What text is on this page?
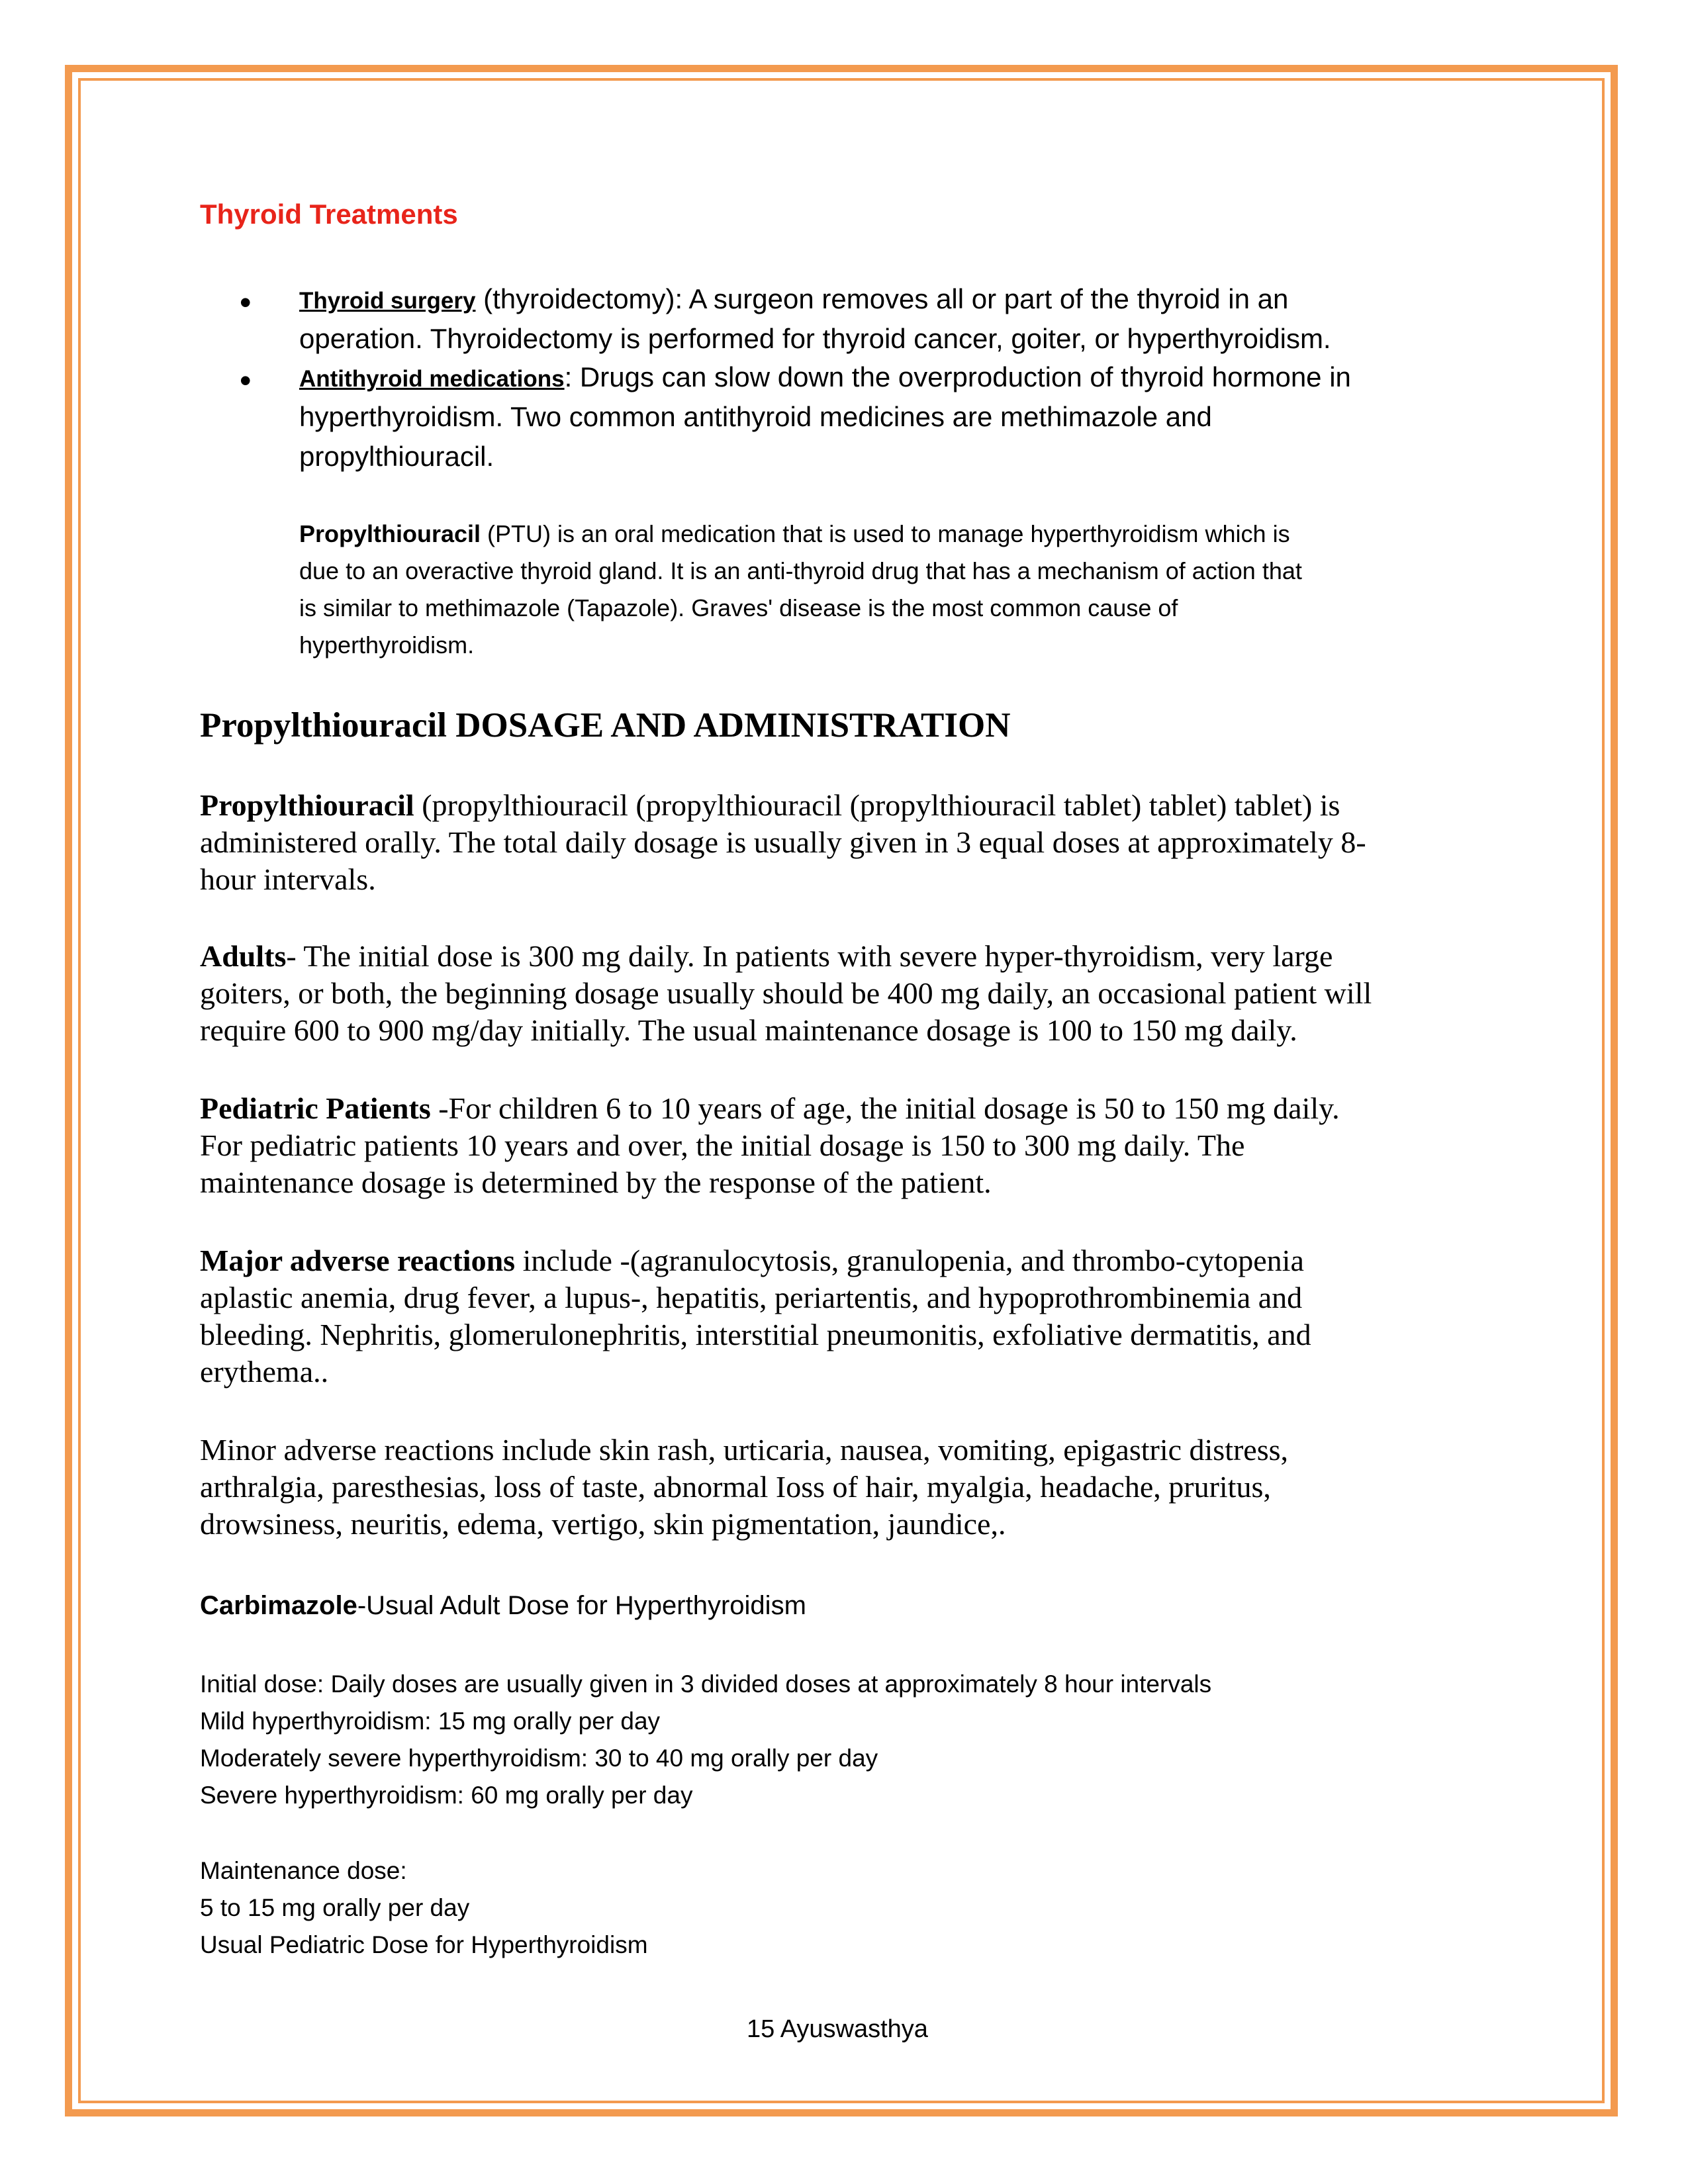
Thyroid Treatments
• Thyroid surgery (thyroidectomy): A surgeon removes all or part of the thyroid in an
operation. Thyroidectomy is performed for thyroid cancer, goiter, or hyperthyroidism.
• Antithyroid medications: Drugs can slow down the overproduction of thyroid hormone in
hyperthyroidism. Two common antithyroid medicines are methimazole and
propylthiouracil.
Propylthiouracil (PTU) is an oral medication that is used to manage hyperthyroidism which is
due to an overactive thyroid gland. It is an anti-thyroid drug that has a mechanism of action that
is similar to methimazole (Tapazole). Graves' disease is the most common cause of
hyperthyroidism.
Propylthiouracil DOSAGE AND ADMINISTRATION
Propylthiouracil (propylthiouracil (propylthiouracil (propylthiouracil tablet) tablet) tablet) is
administered orally. The total daily dosage is usually given in 3 equal doses at approximately 8-
hour intervals.
Adults- The initial dose is 300 mg daily. In patients with severe hyper-thyroidism, very large
goiters, or both, the beginning dosage usually should be 400 mg daily, an occasional patient will
require 600 to 900 mg/day initially. The usual maintenance dosage is 100 to 150 mg daily.
Pediatric Patients -For children 6 to 10 years of age, the initial dosage is 50 to 150 mg daily.
For pediatric patients 10 years and over, the initial dosage is 150 to 300 mg daily. The
maintenance dosage is determined by the response of the patient.
Major adverse reactions include -(agranulocytosis, granulopenia, and thrombo-cytopenia
aplastic anemia, drug fever, a lupus-, hepatitis, periartentis, and hypoprothrombinemia and
bleeding. Nephritis, glomerulonephritis, interstitial pneumonitis, exfoliative dermatitis, and
erythema..
Minor adverse reactions include skin rash, urticaria, nausea, vomiting, epigastric distress,
arthralgia, paresthesias, loss of taste, abnormal Ioss of hair, myalgia, headache, pruritus,
drowsiness, neuritis, edema, vertigo, skin pigmentation, jaundice,.
Carbimazole-Usual Adult Dose for Hyperthyroidism
Initial dose: Daily doses are usually given in 3 divided doses at approximately 8 hour intervals
Mild hyperthyroidism: 15 mg orally per day
Moderately severe hyperthyroidism: 30 to 40 mg orally per day
Severe hyperthyroidism: 60 mg orally per day
Maintenance dose:
5 to 15 mg orally per day
Usual Pediatric Dose for Hyperthyroidism
15 Ayuswasthya
